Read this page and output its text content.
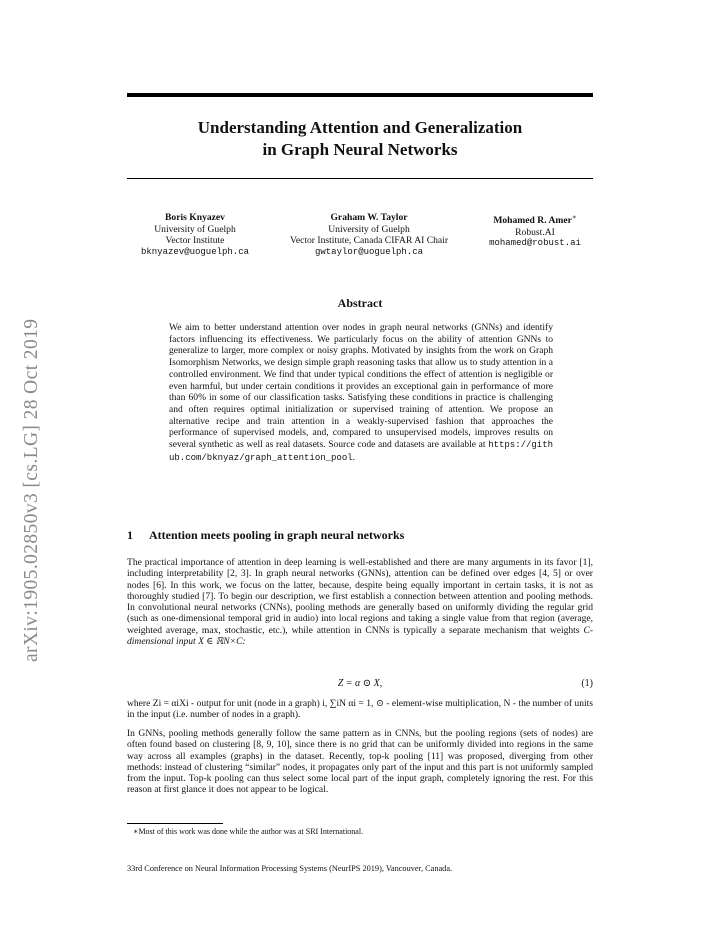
arXiv:1905.02850v3 [cs.LG] 28 Oct 2019
Understanding Attention and Generalization
in Graph Neural Networks
Boris Knyazev
University of Guelph
Vector Institute
bknyazev@uoguelph.ca
Graham W. Taylor
University of Guelph
Vector Institute, Canada CIFAR AI Chair
gwtaylor@uoguelph.ca
Mohamed R. Amer∗
Robust.AI
mohamed@robust.ai
Abstract
We aim to better understand attention over nodes in graph neural networks (GNNs) and identify factors influencing its effectiveness. We particularly focus on the ability of attention GNNs to generalize to larger, more complex or noisy graphs. Motivated by insights from the work on Graph Isomorphism Networks, we design simple graph reasoning tasks that allow us to study attention in a controlled environment. We find that under typical conditions the effect of attention is negligible or even harmful, but under certain conditions it provides an exceptional gain in performance of more than 60% in some of our classification tasks. Satisfying these conditions in practice is challenging and often requires optimal initialization or supervised training of attention. We propose an alternative recipe and train attention in a weakly-supervised fashion that approaches the performance of supervised models, and, compared to unsupervised models, improves results on several synthetic as well as real datasets. Source code and datasets are available at https://github.com/bknyaz/graph_attention_pool.
1 Attention meets pooling in graph neural networks
The practical importance of attention in deep learning is well-established and there are many arguments in its favor [1], including interpretability [2, 3]. In graph neural networks (GNNs), attention can be defined over edges [4, 5] or over nodes [6]. In this work, we focus on the latter, because, despite being equally important in certain tasks, it is not as thoroughly studied [7]. To begin our description, we first establish a connection between attention and pooling methods. In convolutional neural networks (CNNs), pooling methods are generally based on uniformly dividing the regular grid (such as one-dimensional temporal grid in audio) into local regions and taking a single value from that region (average, weighted average, max, stochastic, etc.), while attention in CNNs is typically a separate mechanism that weights C-dimensional input X ∈ ℝN×C:
Z = α ⊙ X,	(1)
where Zi = αiXi - output for unit (node in a graph) i, ∑iN αi = 1, ⊙ - element-wise multiplication, N - the number of units in the input (i.e. number of nodes in a graph).
In GNNs, pooling methods generally follow the same pattern as in CNNs, but the pooling regions (sets of nodes) are often found based on clustering [8, 9, 10], since there is no grid that can be uniformly divided into regions in the same way across all examples (graphs) in the dataset. Recently, top-k pooling [11] was proposed, diverging from other methods: instead of clustering “similar” nodes, it propagates only part of the input and this part is not uniformly sampled from the input. Top-k pooling can thus select some local part of the input graph, completely ignoring the rest. For this reason at first glance it does not appear to be logical.
∗Most of this work was done while the author was at SRI International.
33rd Conference on Neural Information Processing Systems (NeurIPS 2019), Vancouver, Canada.
